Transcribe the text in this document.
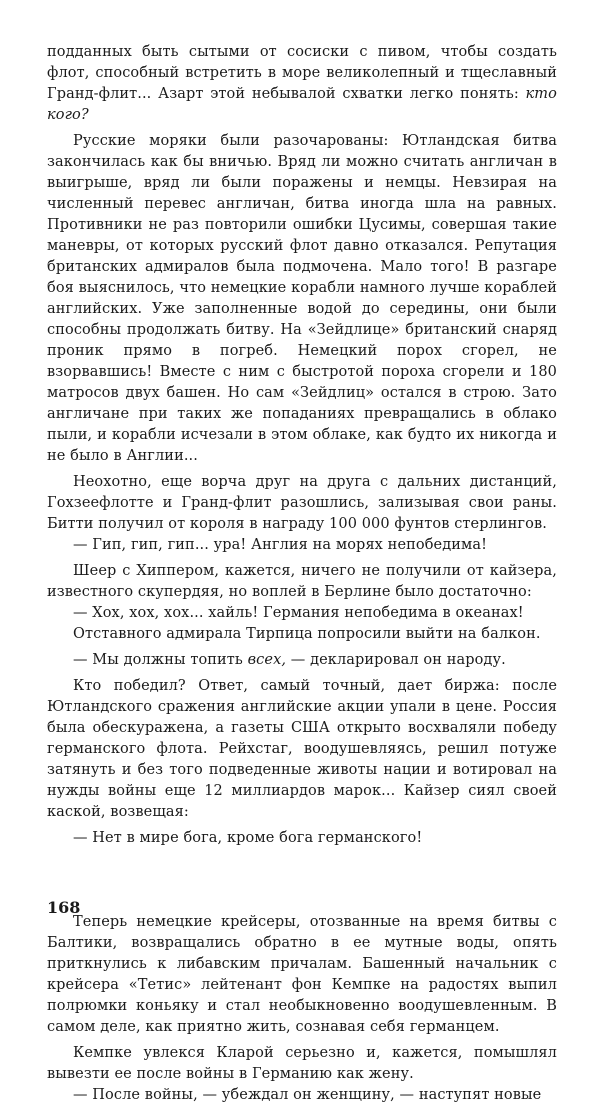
подданных быть сытыми от сосиски с пивом, чтобы создать флот, способный встретить в море великолепный и тщеславный Гранд-флит... Азарт этой небывалой схватки легко понять: кто кого?

Русские моряки были разочарованы: Ютландская битва закончилась как бы вничью. Вряд ли можно считать англичан в выигрыше, вряд ли были поражены и немцы. Невзирая на численный перевес англичан, битва иногда шла на равных. Противники не раз повторили ошибки Цусимы, совершая такие маневры, от которых русский флот давно отказался. Репутация британских адмиралов была подмочена. Мало того! В разгаре боя выяснилось, что немецкие корабли намного лучше кораблей английских. Уже заполненные водой до середины, они были способны продолжать битву. На «Зейдлице» британский снаряд проник прямо в погреб. Немецкий порох сгорел, не взорвавшись! Вместе с ним с быстротой пороха сгорели и 180 матросов двух башен. Но сам «Зейдлиц» остался в строю. Зато англичане при таких же попаданиях превращались в облако пыли, и корабли исчезали в этом облаке, как будто их никогда и не было в Англии...

Неохотно, еще ворча друг на друга с дальних дистанций, Гохзеефлотте и Гранд-флит разошлись, зализывая свои раны. Битти получил от короля в награду 100 000 фунтов стерлингов.

— Гип, гип, гип... ура! Англия на морях непобедима!

Шеер с Хиппером, кажется, ничего не получили от кайзера, известного скупердяя, но воплей в Берлине было достаточно:

— Хох, хох, хох... хайль! Германия непобедима в океанах!

Отставного адмирала Тирпица попросили выйти на балкон.

— Мы должны топить всех, — декларировал он народу.

Кто победил? Ответ, самый точный, дает биржа: после Ютландского сражения английские акции упали в цене. Россия была обескуражена, а газеты США открыто восхваляли победу германского флота. Рейхстаг, воодушевляясь, решил потуже затянуть и без того подведенные животы нации и вотировал на нужды войны еще 12 миллиардов марок... Кайзер сиял своей каской, возвещая:

— Нет в мире бога, кроме бога германского!

Теперь немецкие крейсеры, отозванные на время битвы с Балтики, возвращались обратно в ее мутные воды, опять приткнулись к либавским причалам. Башенный начальник с крейсера «Тетис» лейтенант фон Кемпке на радостях выпил полрюмки коньяку и стал необыкновенно воодушевленным. В самом деле, как приятно жить, сознавая себя германцем.

Кемпке увлекся Кларой серьезно и, кажется, помышлял вывезти ее после войны в Германию как жену.

— После войны, — убеждал он женщину, — наступят новые

168
